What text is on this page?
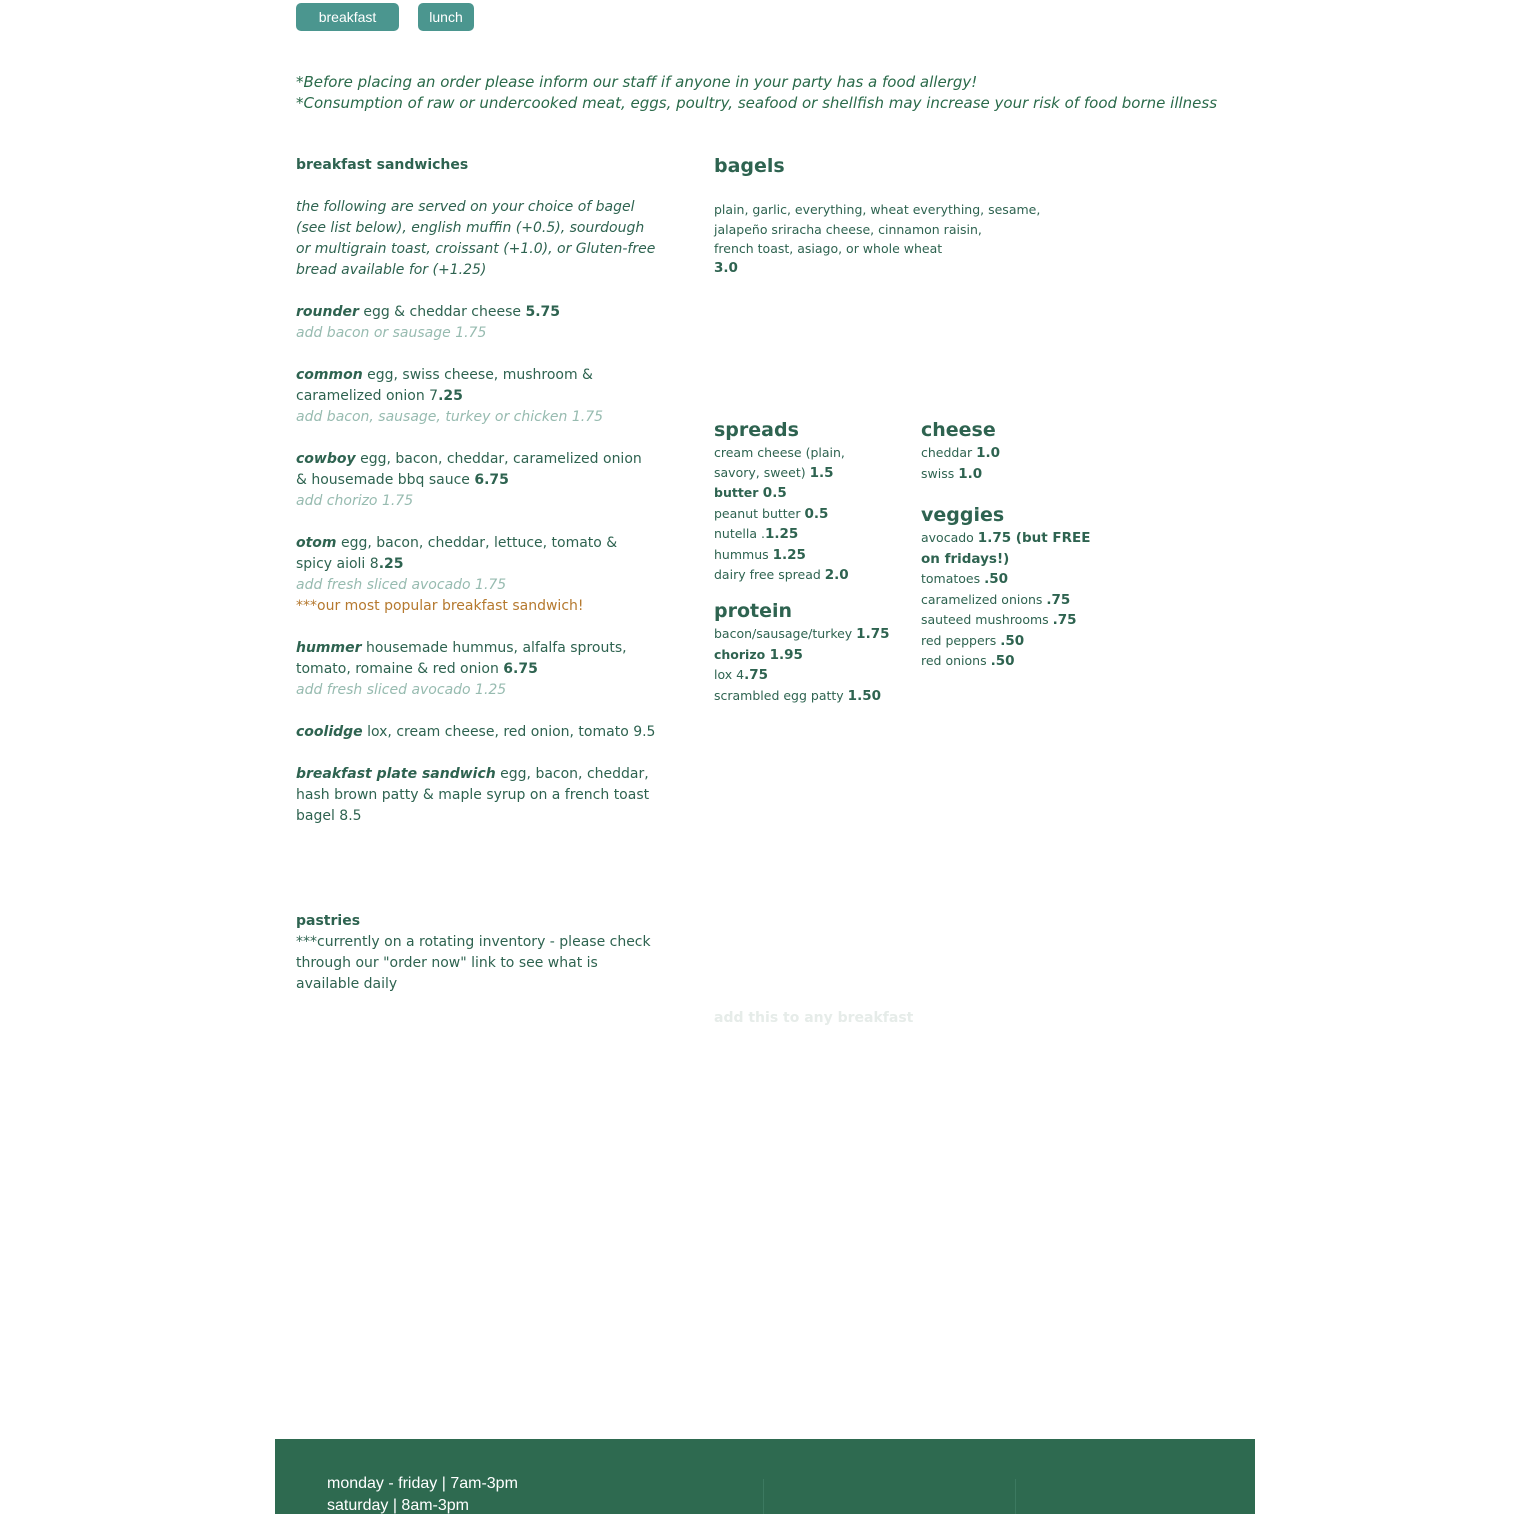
breakfast	lunch
*Before placing an order please inform our staff if anyone in your party has a food allergy!
*Consumption of raw or undercooked meat, eggs, poultry, seafood or shellfish may increase your risk of food borne illness
breakfast sandwiches
the following are served on your choice of bagel (see list below), english muffin (+0.5), sourdough or multigrain toast, croissant (+1.0), or Gluten-free bread available for (+1.25)
rounder egg & cheddar cheese 5.75
add bacon or sausage 1.75
common egg, swiss cheese, mushroom & caramelized onion 7.25
add bacon, sausage, turkey or chicken 1.75
cowboy egg, bacon, cheddar, caramelized onion & housemade bbq sauce 6.75
add chorizo 1.75
otom egg, bacon, cheddar, lettuce, tomato & spicy aioli 8.25
add fresh sliced avocado 1.75
***our most popular breakfast sandwich!
hummer housemade hummus, alfalfa sprouts, tomato, romaine & red onion 6.75
add fresh sliced avocado 1.25
coolidge lox, cream cheese, red onion, tomato 9.5
breakfast plate sandwich egg, bacon, cheddar, hash brown patty & maple syrup on a french toast bagel 8.5
pastries
***currently on a rotating inventory - please check through our "order now" link to see what is available daily
bagels
plain, garlic, everything, wheat everything, sesame,
jalapeño sriracha cheese, cinnamon raisin,
french toast, asiago, or whole wheat
3.0
spreads
cream cheese (plain, savory, sweet) 1.5
butter 0.5
peanut butter 0.5
nutella .1.25
hummus 1.25
dairy free spread 2.0
protein
bacon/sausage/turkey 1.75
chorizo 1.95
lox 4.75
scrambled egg patty 1.50
cheese
cheddar 1.0
swiss 1.0
veggies
avocado 1.75 (but FREE on fridays!)
tomatoes .50
caramelized onions .75
sauteed mushrooms .75
red peppers .50
red onions .50
add this to any breakfast
monday - friday | 7am-3pm
saturday | 8am-3pm
